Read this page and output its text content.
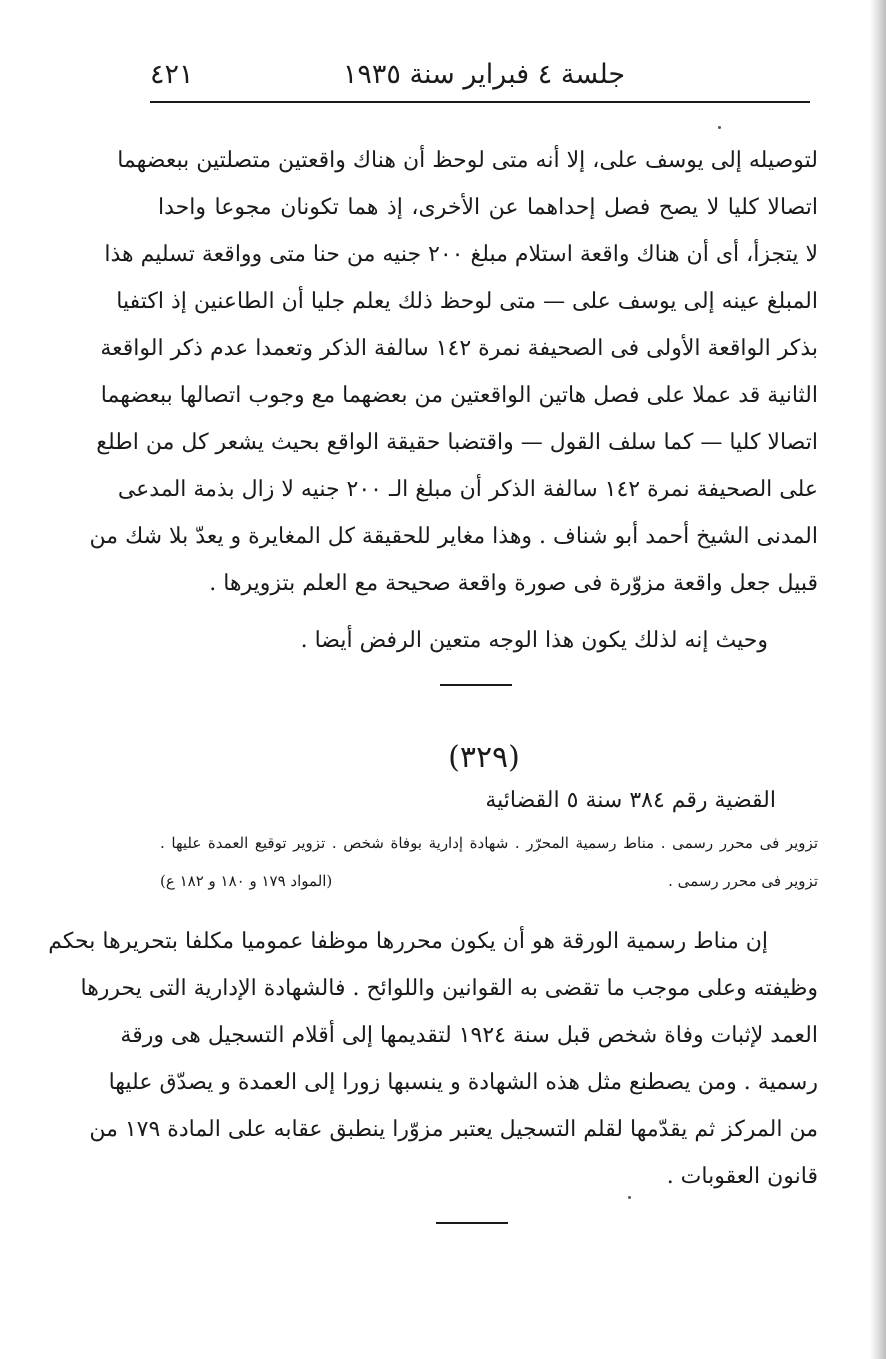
جلسة ٤ فبراير سنة ١٩٣٥
٤٢١
لتوصيله إلى يوسف على، إلا أنه متى لوحظ أن هناك واقعتين متصلتين ببعضهما
اتصالا كليا لا يصح فصل إحداهما عن الأخرى، إذ هما تكونان مجوعا واحدا
لا يتجزأ، أى أن هناك واقعة استلام مبلغ ٢٠٠ جنيه من حنا متى وواقعة تسليم هذا
المبلغ عينه إلى يوسف على — متى لوحظ ذلك يعلم جليا أن الطاعنين إذ اكتفيا
بذكر الواقعة الأولى فى الصحيفة نمرة ١٤٢ سالفة الذكر وتعمدا عدم ذكر الواقعة
الثانية قد عملا على فصل هاتين الواقعتين من بعضهما مع وجوب اتصالها ببعضهما
اتصالا كليا — كما سلف القول — واقتضبا حقيقة الواقع بحيث يشعر كل من اطلع
على الصحيفة نمرة ١٤٢ سالفة الذكر أن مبلغ الـ ٢٠٠ جنيه لا زال بذمة المدعى
المدنى الشيخ أحمد أبو شناف . وهذا مغاير للحقيقة كل المغايرة و يعدّ بلا شك من
قبيل جعل واقعة مزوّرة فى صورة واقعة صحيحة مع العلم بتزويرها .
وحيث إنه لذلك يكون هذا الوجه متعين الرفض أيضا .
(٣٢٩)
القضية رقم ٣٨٤ سنة ٥ القضائية
تزوير فى محرر رسمى . مناط رسمية المحرّر . شهادة إدارية بوفاة شخص . تزوير توقيع العمدة عليها .
تزوير فى محرر رسمى .
(المواد ١٧٩ و ١٨٠ و ١٨٢ ع)
إن مناط رسمية الورقة هو أن يكون محررها موظفا عموميا مكلفا بتحريرها بحكم
وظيفته وعلى موجب ما تقضى به القوانين واللوائح . فالشهادة الإدارية التى يحررها
العمد لإثبات وفاة شخص قبل سنة ١٩٢٤ لتقديمها إلى أقلام التسجيل هى ورقة
رسمية . ومن يصطنع مثل هذه الشهادة و ينسبها زورا إلى العمدة و يصدّق عليها
من المركز ثم يقدّمها لقلم التسجيل يعتبر مزوّرا ينطبق عقابه على المادة ١٧٩ من
قانون العقوبات .
